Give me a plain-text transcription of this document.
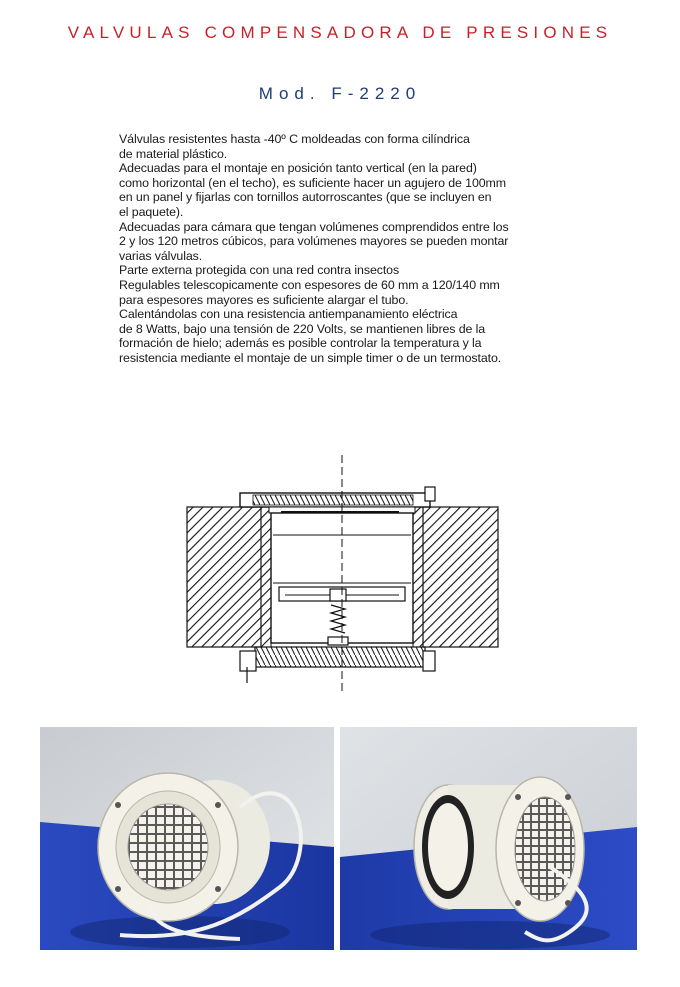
VALVULAS COMPENSADORA DE PRESIONES
Mod. F-2220
Válvulas resistentes hasta -40º C moldeadas con forma cilíndrica
de material plástico.
Adecuadas para el montaje en posición tanto vertical (en la pared)
como horizontal (en el techo), es suficiente hacer un agujero de 100mm
en un panel y fijarlas con tornillos autorroscantes (que se incluyen en
el paquete).
Adecuadas para cámara que tengan volúmenes comprendidos entre los
2 y los 120 metros cúbicos, para volúmenes mayores se pueden montar
varias válvulas.
Parte externa protegida con una red contra insectos
Regulables telescopicamente con espesores de 60 mm a 120/140 mm
para espesores mayores es suficiente alargar el tubo.
Calentándolas con una resistencia antiempanamiento eléctrica
de 8 Watts, bajo una tensión de 220 Volts, se mantienen libres de la
formación de hielo; además es posible controlar la temperatura y la
resistencia mediante el montaje de un simple timer o de un termostato.
